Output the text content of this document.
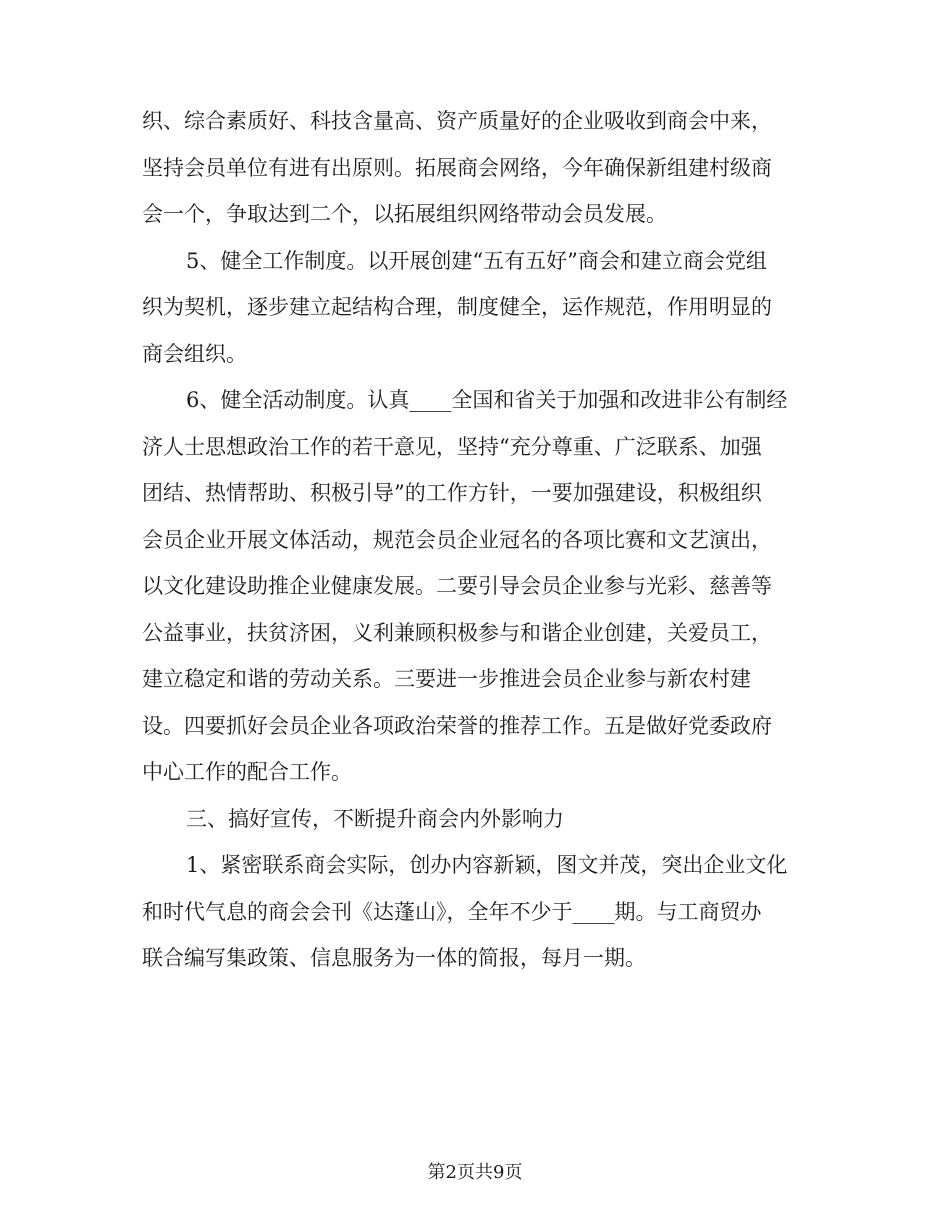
织、综合素质好、科技含量高、资产质量好的企业吸收到商会中来，
坚持会员单位有进有出原则。拓展商会网络，今年确保新组建村级商
会一个，争取达到二个，以拓展组织网络带动会员发展。
5、健全工作制度。以开展创建“五有五好”商会和建立商会党组
织为契机，逐步建立起结构合理，制度健全，运作规范，作用明显的
商会组织。
6、健全活动制度。认真____全国和省关于加强和改进非公有制经
济人士思想政治工作的若干意见，坚持“充分尊重、广泛联系、加强
团结、热情帮助、积极引导”的工作方针，一要加强建设，积极组织
会员企业开展文体活动，规范会员企业冠名的各项比赛和文艺演出，
以文化建设助推企业健康发展。二要引导会员企业参与光彩、慈善等
公益事业，扶贫济困，义利兼顾积极参与和谐企业创建，关爱员工，
建立稳定和谐的劳动关系。三要进一步推进会员企业参与新农村建
设。四要抓好会员企业各项政治荣誉的推荐工作。五是做好党委政府
中心工作的配合工作。
三、搞好宣传，不断提升商会内外影响力
1、紧密联系商会实际，创办内容新颖，图文并茂，突出企业文化
和时代气息的商会会刊《达蓬山》，全年不少于____期。与工商贸办
联合编写集政策、信息服务为一体的简报，每月一期。
第2页共9页
